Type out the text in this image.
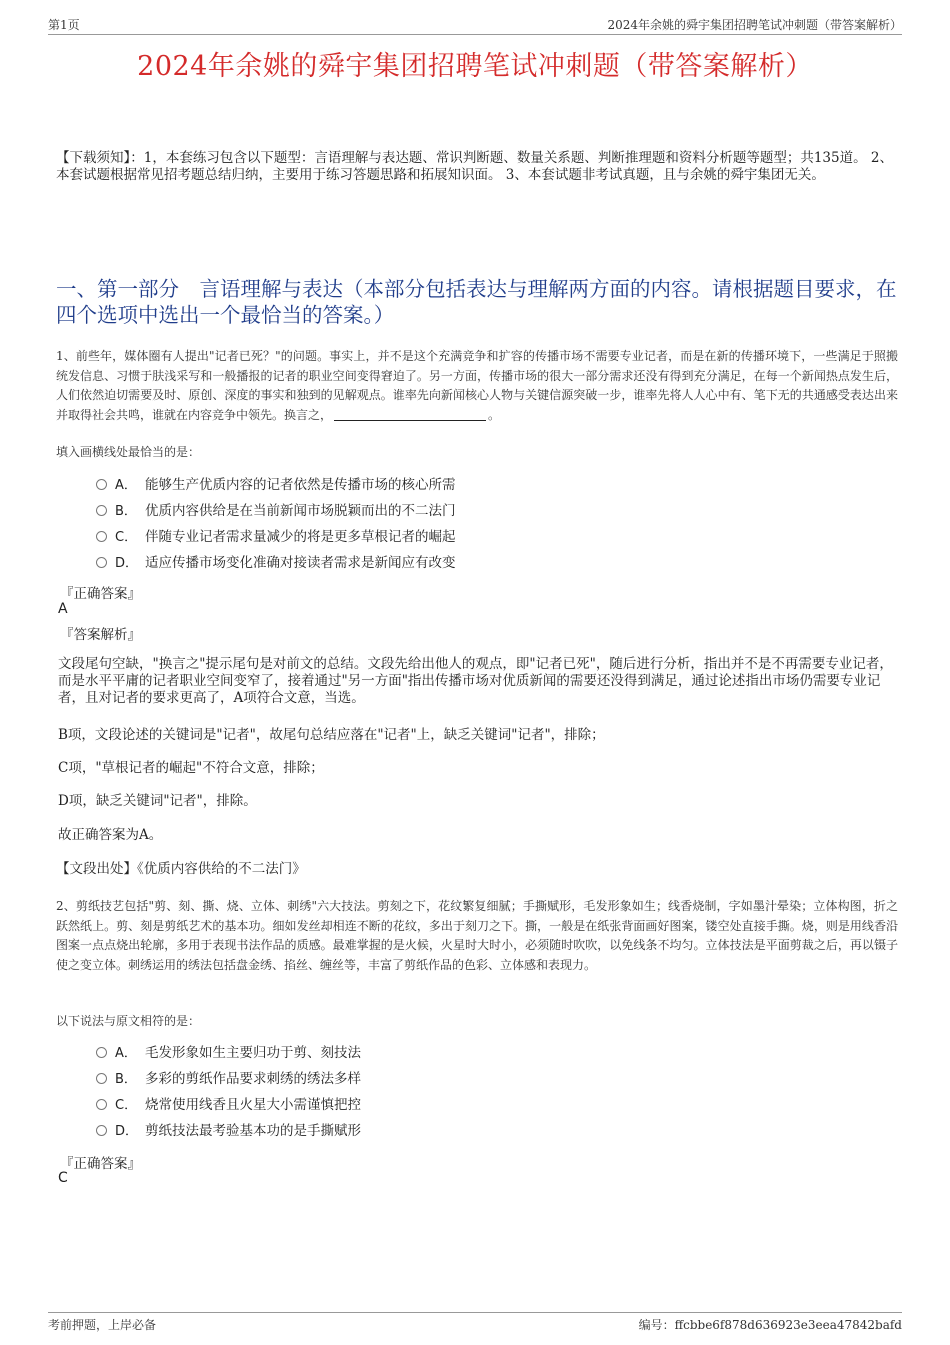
第1页	2024年余姚的舜宇集团招聘笔试冲刺题（带答案解析）
2024年余姚的舜宇集团招聘笔试冲刺题（带答案解析）
【下载须知】：1，本套练习包含以下题型：言语理解与表达题、常识判断题、数量关系题、判断推理题和资料分析题等题型；共135道。 2、本套试题根据常见招考题总结归纳，主要用于练习答题思路和拓展知识面。 3、本套试题非考试真题，且与余姚的舜宇集团无关。
一、第一部分　言语理解与表达（本部分包括表达与理解两方面的内容。请根据题目要求，在四个选项中选出一个最恰当的答案。）
1、前些年，媒体圈有人提出"记者已死？"的问题。事实上，并不是这个充满竞争和扩容的传播市场不需要专业记者，而是在新的传播环境下，一些满足于照搬统发信息、习惯于肤浅采写和一般播报的记者的职业空间变得窘迫了。另一方面，传播市场的很大一部分需求还没有得到充分满足，在每一个新闻热点发生后，人们依然迫切需要及时、原创、深度的事实和独到的见解观点。谁率先向新闻核心人物与关键信源突破一步，谁率先将人人心中有、笔下无的共通感受表达出来并取得社会共鸣，谁就在内容竞争中领先。换言之，	。
填入画横线处最恰当的是：
A． 能够生产优质内容的记者依然是传播市场的核心所需
B． 优质内容供给是在当前新闻市场脱颖而出的不二法门
C． 伴随专业记者需求量减少的将是更多草根记者的崛起
D． 适应传播市场变化准确对接读者需求是新闻应有改变
『正确答案』
A
『答案解析』
文段尾句空缺，"换言之"提示尾句是对前文的总结。文段先给出他人的观点，即"记者已死"，随后进行分析，指出并不是不再需要专业记者，而是水平平庸的记者职业空间变窄了，接着通过"另一方面"指出传播市场对优质新闻的需要还没得到满足，通过论述指出市场仍需要专业记者，且对记者的要求更高了，A项符合文意，当选。
B项，文段论述的关键词是"记者"，故尾句总结应落在"记者"上，缺乏关键词"记者"，排除；
C项，"草根记者的崛起"不符合文意，排除；
D项，缺乏关键词"记者"，排除。
故正确答案为A。
【文段出处】《优质内容供给的不二法门》
2、剪纸技艺包括"剪、刻、撕、烧、立体、刺绣"六大技法。剪刻之下，花纹繁复细腻；手撕赋形，毛发形象如生；线香烧制，字如墨汁晕染；立体构图，折之跃然纸上。剪、刻是剪纸艺术的基本功。细如发丝却相连不断的花纹，多出于刻刀之下。撕，一般是在纸张背面画好图案，镂空处直接手撕。烧，则是用线香沿图案一点点烧出轮廓，多用于表现书法作品的质感。最难掌握的是火候，火星时大时小，必须随时吹吹，以免线条不均匀。立体技法是平面剪裁之后，再以镊子使之变立体。刺绣运用的绣法包括盘金绣、掐丝、缠丝等，丰富了剪纸作品的色彩、立体感和表现力。
以下说法与原文相符的是：
A． 毛发形象如生主要归功于剪、刻技法
B． 多彩的剪纸作品要求刺绣的绣法多样
C． 烧常使用线香且火星大小需谨慎把控
D． 剪纸技法最考验基本功的是手撕赋形
『正确答案』
C
考前押题，上岸必备	编号：ffcbbe6f878d636923e3eea47842bafd
